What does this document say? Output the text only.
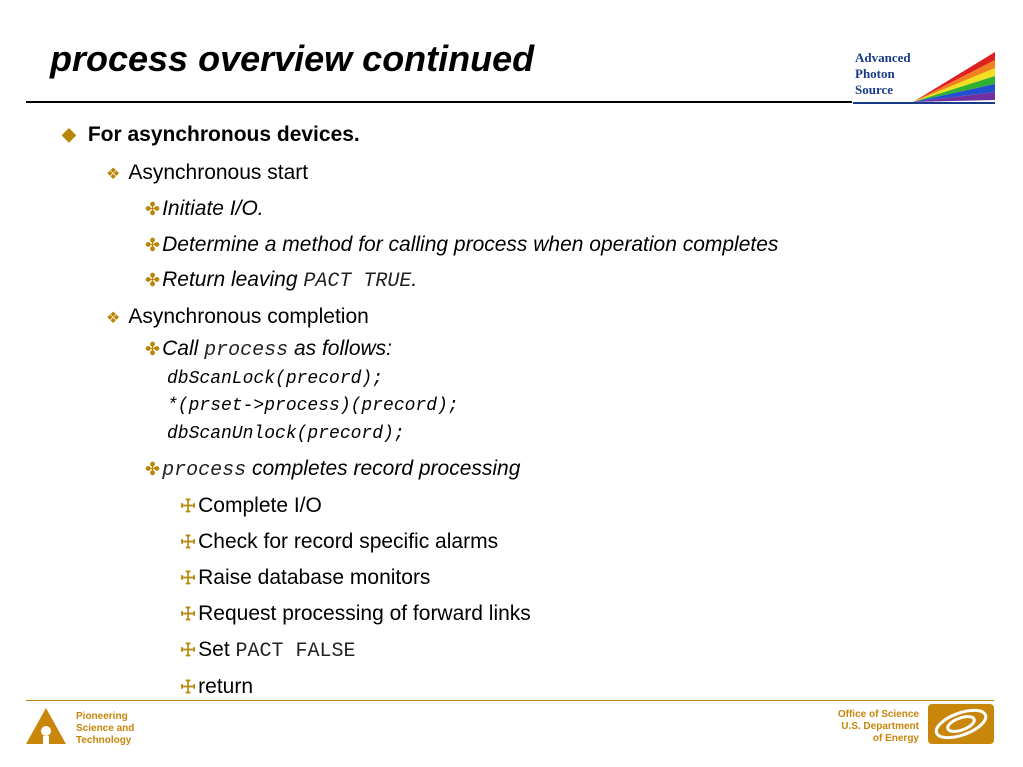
process overview continued	Advanced
Photon
Source
◆ For asynchronous devices.
❖ Asynchronous start
✤Initiate I/O.
✤Determine a method for calling process when operation completes
✤Return leaving PACT TRUE.
❖ Asynchronous completion
✤Call process as follows:
dbScanLock(precord);
*(prset->process)(precord);
dbScanUnlock(precord);
✤ process completes record processing
☩Complete I/O
☩Check for record specific alarms
☩Raise database monitors
☩Request processing of forward links
☩Set PACT FALSE
☩return
Pioneering
Science and
Technology
Office of Science
U.S. Department
of Energy
